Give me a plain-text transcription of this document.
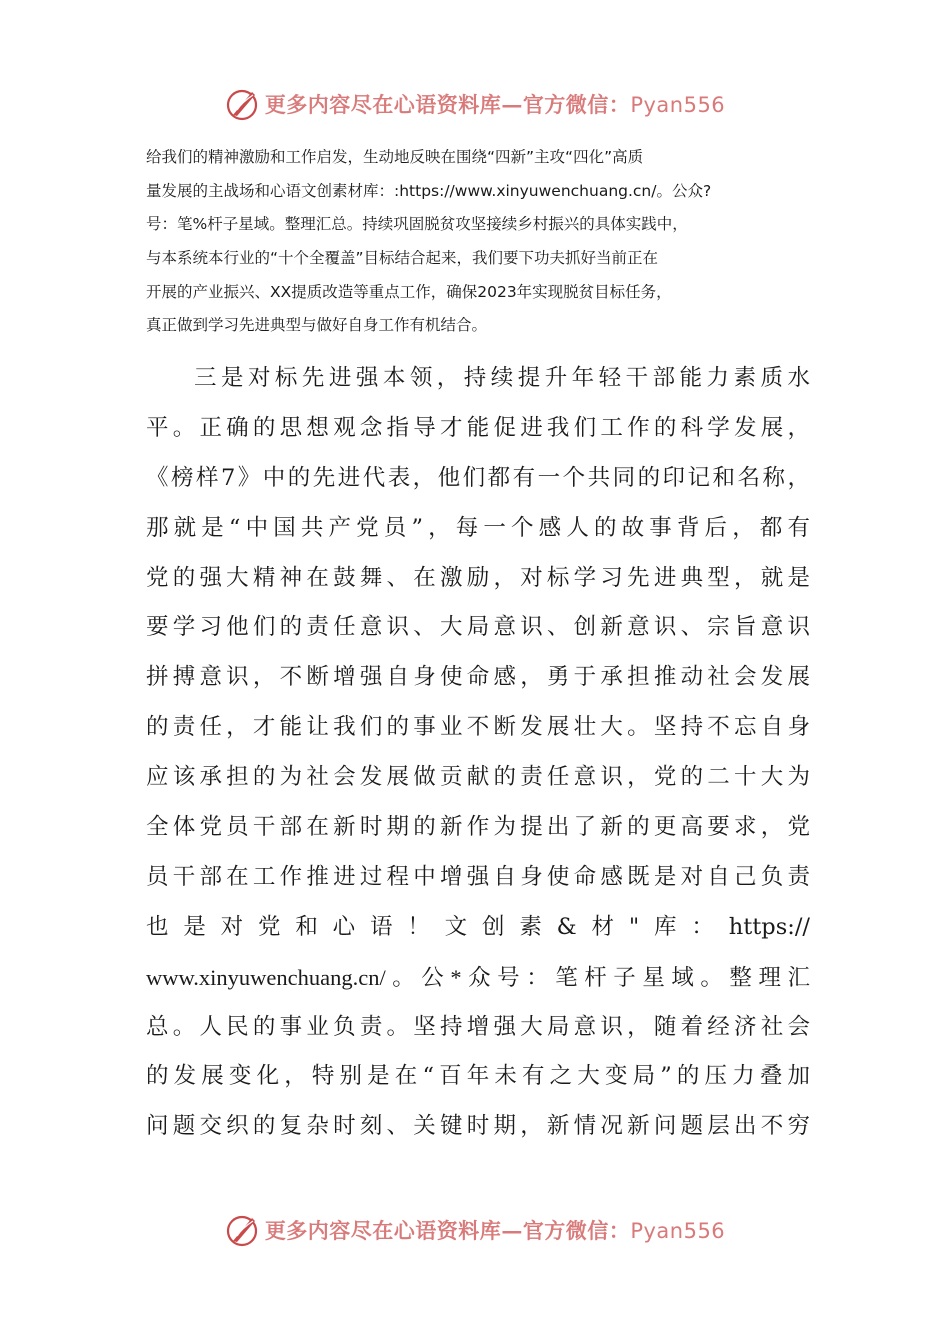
更多内容尽在心语资料库—官方微信：Pyan556
给我们的精神激励和工作启发，生动地反映在围绕“四新”主攻“四化”高质
量发展的主战场和心语文创素材库：:https://www.xinyuwenchuang.cn/。公众?
号：笔%杆子星域。整理汇总。持续巩固脱贫攻坚接续乡村振兴的具体实践中，
与本系统本行业的“十个全覆盖”目标结合起来，我们要下功夫抓好当前正在
开展的产业振兴、XX提质改造等重点工作，确保2023年实现脱贫目标任务，
真正做到学习先进典型与做好自身工作有机结合。
三是对标先进强本领，持续提升年轻干部能力素质水
平。正确的思想观念指导才能促进我们工作的科学发展，
《榜样7》中的先进代表，他们都有一个共同的印记和名称，
那就是“中国共产党员”，每一个感人的故事背后，都有
党的强大精神在鼓舞、在激励，对标学习先进典型，就是
要学习他们的责任意识、大局意识、创新意识、宗旨意识
拼搏意识，不断增强自身使命感，勇于承担推动社会发展
的责任，才能让我们的事业不断发展壮大。坚持不忘自身
应该承担的为社会发展做贡献的责任意识，党的二十大为
全体党员干部在新时期的新作为提出了新的更高要求，党
员干部在工作推进过程中增强自身使命感既是对自己负责
也是对党和心语！文创素&材"库：https://
www.xinyuwenchuang.cn/。公*众号：笔杆子星域。整理汇
总。人民的事业负责。坚持增强大局意识，随着经济社会
的发展变化，特别是在“百年未有之大变局”的压力叠加
问题交织的复杂时刻、关键时期，新情况新问题层出不穷
更多内容尽在心语资料库—官方微信：Pyan556
